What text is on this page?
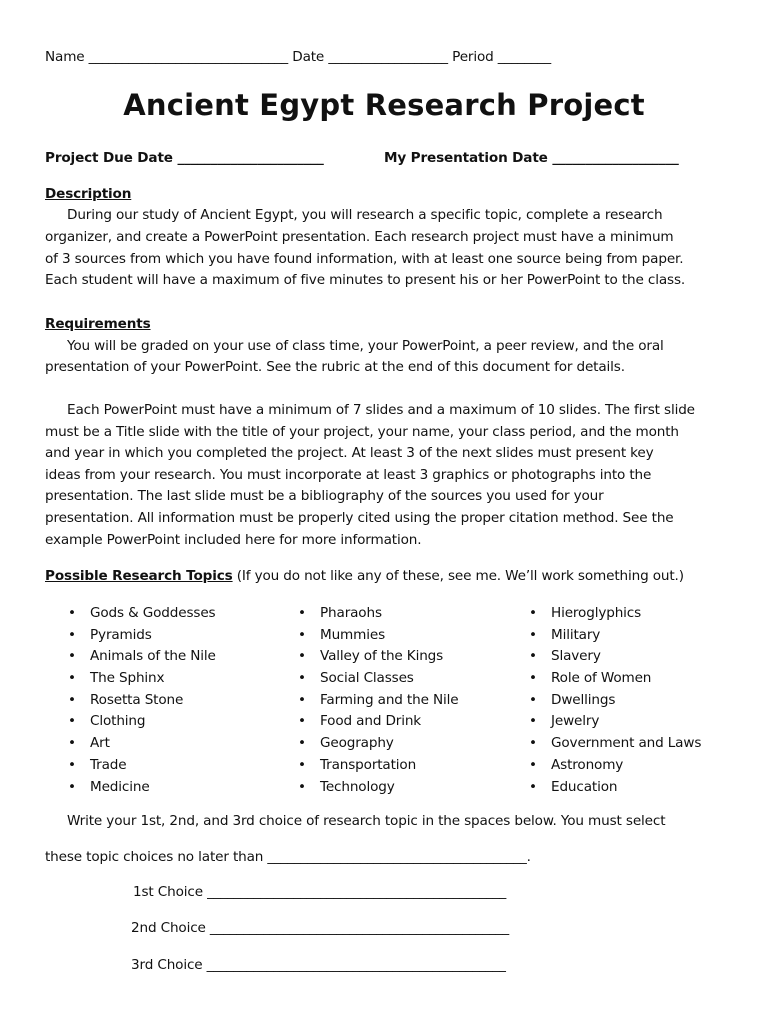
Name ______________________________ Date __________________ Period ________
Ancient Egypt Research Project
Project Due Date ______________________	My Presentation Date ___________________
Description
During our study of Ancient Egypt, you will research a specific topic, complete a research
organizer, and create a PowerPoint presentation. Each research project must have a minimum
of 3 sources from which you have found information, with at least one source being from paper.
Each student will have a maximum of five minutes to present his or her PowerPoint to the class.
Requirements
You will be graded on your use of class time, your PowerPoint, a peer review, and the oral
presentation of your PowerPoint. See the rubric at the end of this document for details.
Each PowerPoint must have a minimum of 7 slides and a maximum of 10 slides. The first slide
must be a Title slide with the title of your project, your name, your class period, and the month
and year in which you completed the project. At least 3 of the next slides must present key
ideas from your research. You must incorporate at least 3 graphics or photographs into the
presentation. The last slide must be a bibliography of the sources you used for your
presentation. All information must be properly cited using the proper citation method. See the
example PowerPoint included here for more information.
Possible Research Topics (If you do not like any of these, see me. We’ll work something out.)
• Gods & Goddesses
• Pyramids
• Animals of the Nile
• The Sphinx
• Rosetta Stone
• Clothing
• Art
• Trade
• Medicine
• Pharaohs
• Mummies
• Valley of the Kings
• Social Classes
• Farming and the Nile
• Food and Drink
• Geography
• Transportation
• Technology
• Hieroglyphics
• Military
• Slavery
• Role of Women
• Dwellings
• Jewelry
• Government and Laws
• Astronomy
• Education
Write your 1st, 2nd, and 3rd choice of research topic in the spaces below. You must select
these topic choices no later than _______________________________________.
1st Choice _____________________________________________
2nd Choice _____________________________________________
3rd Choice _____________________________________________
